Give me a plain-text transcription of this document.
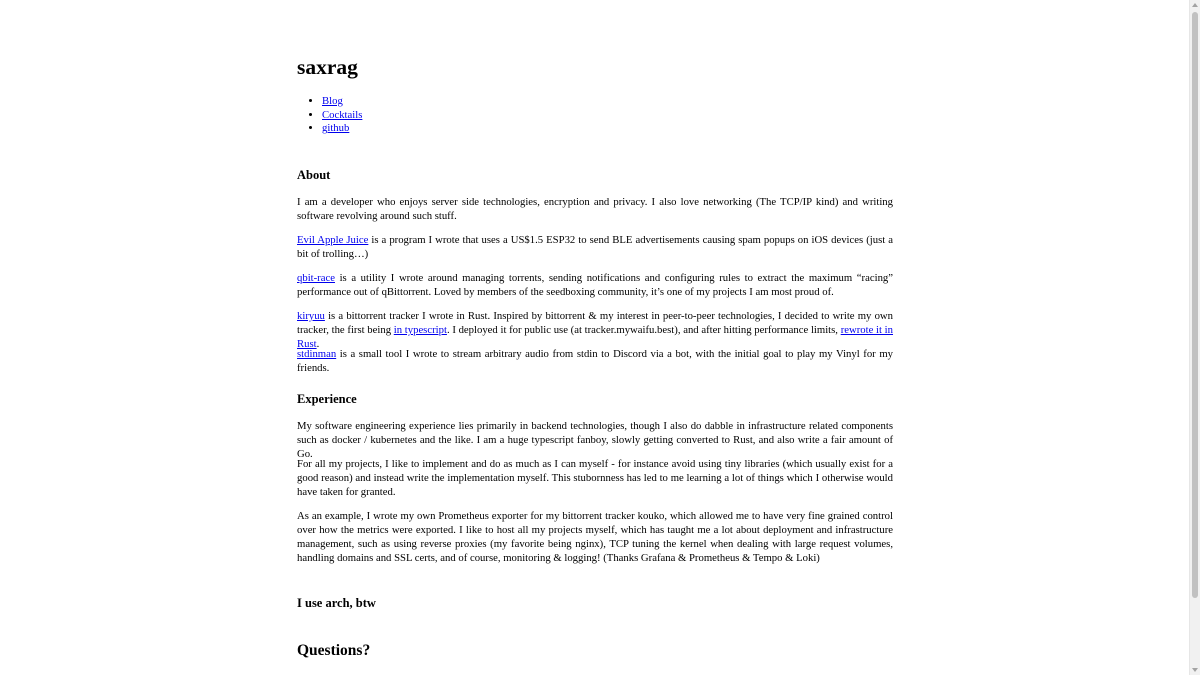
saxrag
• Blog
• Cocktails
• github
About

I am a developer who enjoys server side technologies, encryption and privacy. I also love networking (The TCP/IP kind) and writing software revolving around such stuff.

Evil Apple Juice is a program I wrote that uses a US$1.5 ESP32 to send BLE advertisements causing spam popups on iOS devices (just a bit of trolling…)

qbit-race is a utility I wrote around managing torrents, sending notifications and configuring rules to extract the maximum “racing” performance out of qBittorrent. Loved by members of the seedboxing community, it’s one of my projects I am most proud of.

kiryuu is a bittorrent tracker I wrote in Rust. Inspired by bittorrent & my interest in peer-to-peer technologies, I decided to write my own tracker, the first being in typescript. I deployed it for public use (at tracker.mywaifu.best), and after hitting performance limits, rewrote it in Rust.

stdinman is a small tool I wrote to stream arbitrary audio from stdin to Discord via a bot, with the initial goal to play my Vinyl for my friends.

Experience

My software engineering experience lies primarily in backend technologies, though I also do dabble in infrastructure related components such as docker / kubernetes and the like. I am a huge typescript fanboy, slowly getting converted to Rust, and also write a fair amount of Go.

For all my projects, I like to implement and do as much as I can myself - for instance avoid using tiny libraries (which usually exist for a good reason) and instead write the implementation myself. This stubornness has led to me learning a lot of things which I otherwise would have taken for granted.

As an example, I wrote my own Prometheus exporter for my bittorrent tracker kouko, which allowed me to have very fine grained control over how the metrics were exported. I like to host all my projects myself, which has taught me a lot about deployment and infrastructure management, such as using reverse proxies (my favorite being nginx), TCP tuning the kernel when dealing with large request volumes, handling domains and SSL certs, and of course, monitoring & logging! (Thanks Grafana & Prometheus & Tempo & Loki)

I use arch, btw
Questions?
